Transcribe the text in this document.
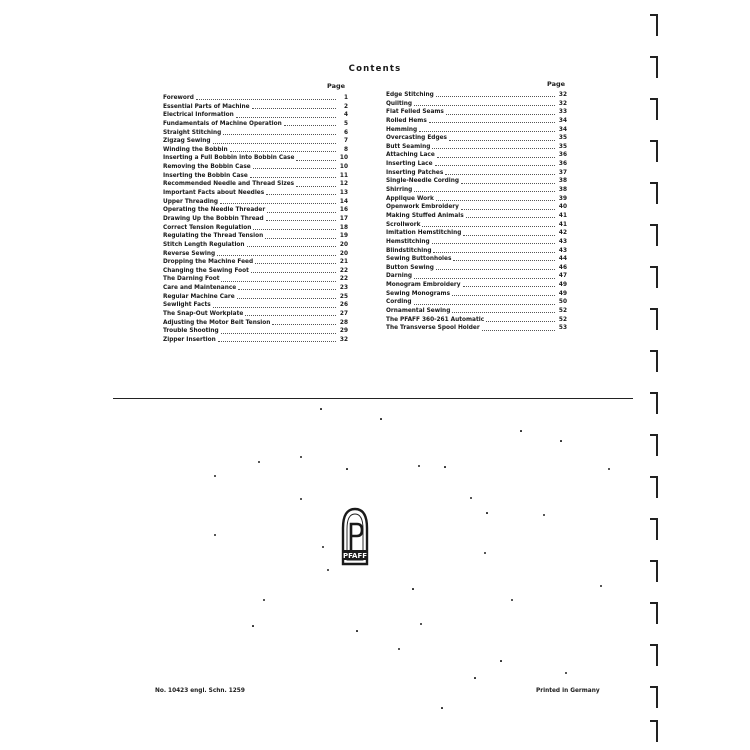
Contents
Page	Page
Foreword	1
Essential Parts of Machine	2
Electrical Information	4
Fundamentals of Machine Operation	5
Straight Stitching	6
Zigzag Sewing	7
Winding the Bobbin	8
Inserting a Full Bobbin into Bobbin Case	10
Removing the Bobbin Case	10
Inserting the Bobbin Case	11
Recommended Needle and Thread Sizes	12
Important Facts about Needles	13
Upper Threading	14
Operating the Needle Threader	16
Drawing Up the Bobbin Thread	17
Correct Tension Regulation	18
Regulating the Thread Tension	19
Stitch Length Regulation	20
Reverse Sewing	20
Dropping the Machine Feed	21
Changing the Sewing Foot	22
The Darning Foot	22
Care and Maintenance	23
Regular Machine Care	25
Sewlight Facts	26
The Snap-Out Workplate	27
Adjusting the Motor Belt Tension	28
Trouble Shooting	29
Zipper Insertion	32
Edge Stitching	32
Quilting	32
Flat Felled Seams	33
Rolled Hems	34
Hemming	34
Overcasting Edges	35
Butt Seaming	35
Attaching Lace	36
Inserting Lace	36
Inserting Patches	37
Single-Needle Cording	38
Shirring	38
Applique Work	39
Openwork Embroidery	40
Making Stuffed Animals	41
Scrollwork	41
Imitation Hemstitching	42
Hemstitching	43
Blindstitching	43
Sewing Buttonholes	44
Button Sewing	46
Darning	47
Monogram Embroidery	49
Sewing Monograms	49
Cording	50
Ornamental Sewing	52
The PFAFF 360-261 Automatic	52
The Transverse Spool Holder	53
PFAFF
No. 10423 engl. Schn. 1259	Printed in Germany
